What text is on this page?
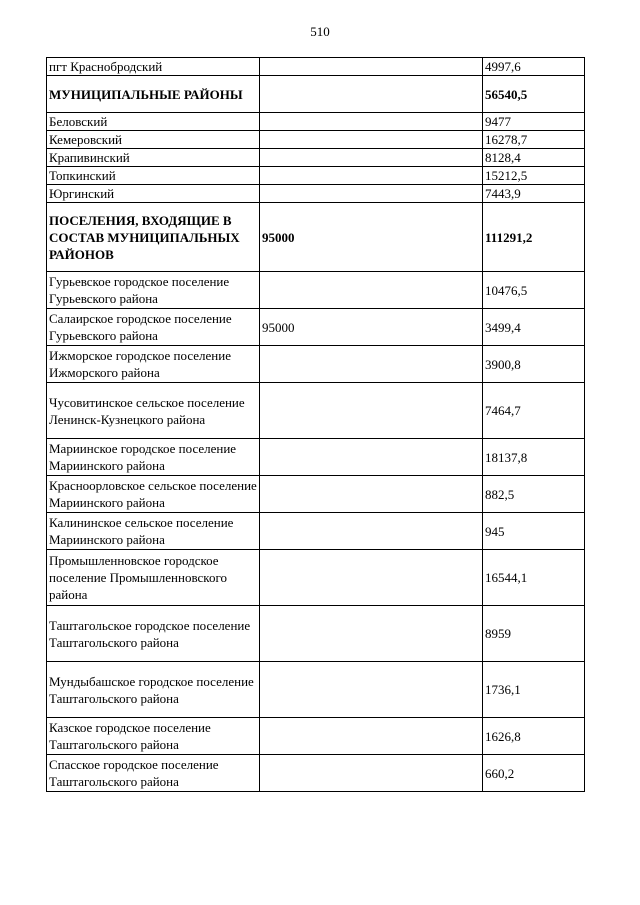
510
пгт Краснобродский		4997,6
МУНИЦИПАЛЬНЫЕ РАЙОНЫ		56540,5
Беловский		9477
Кемеровский		16278,7
Крапивинский		8128,4
Топкинский		15212,5
Юргинский		7443,9
ПОСЕЛЕНИЯ, ВХОДЯЩИЕ В СОСТАВ МУНИЦИПАЛЬНЫХ РАЙОНОВ	95000	111291,2
Гурьевское городское поселение Гурьевского района		10476,5
Салаирское городское поселение Гурьевского района	95000	3499,4
Ижморское городское поселение Ижморского района		3900,8
Чусовитинское сельское поселение Ленинск-Кузнецкого района		7464,7
Мариинское городское поселение Мариинского района		18137,8
Красноорловское сельское поселение Мариинского района		882,5
Калининское сельское поселение Мариинского района		945
Промышленновское городское поселение Промышленновского района		16544,1
Таштагольское городское поселение Таштагольского района		8959
Мундыбашское городское поселение Таштагольского района		1736,1
Казское городское поселение Таштагольского района		1626,8
Спасское городское поселение Таштагольского района		660,2
